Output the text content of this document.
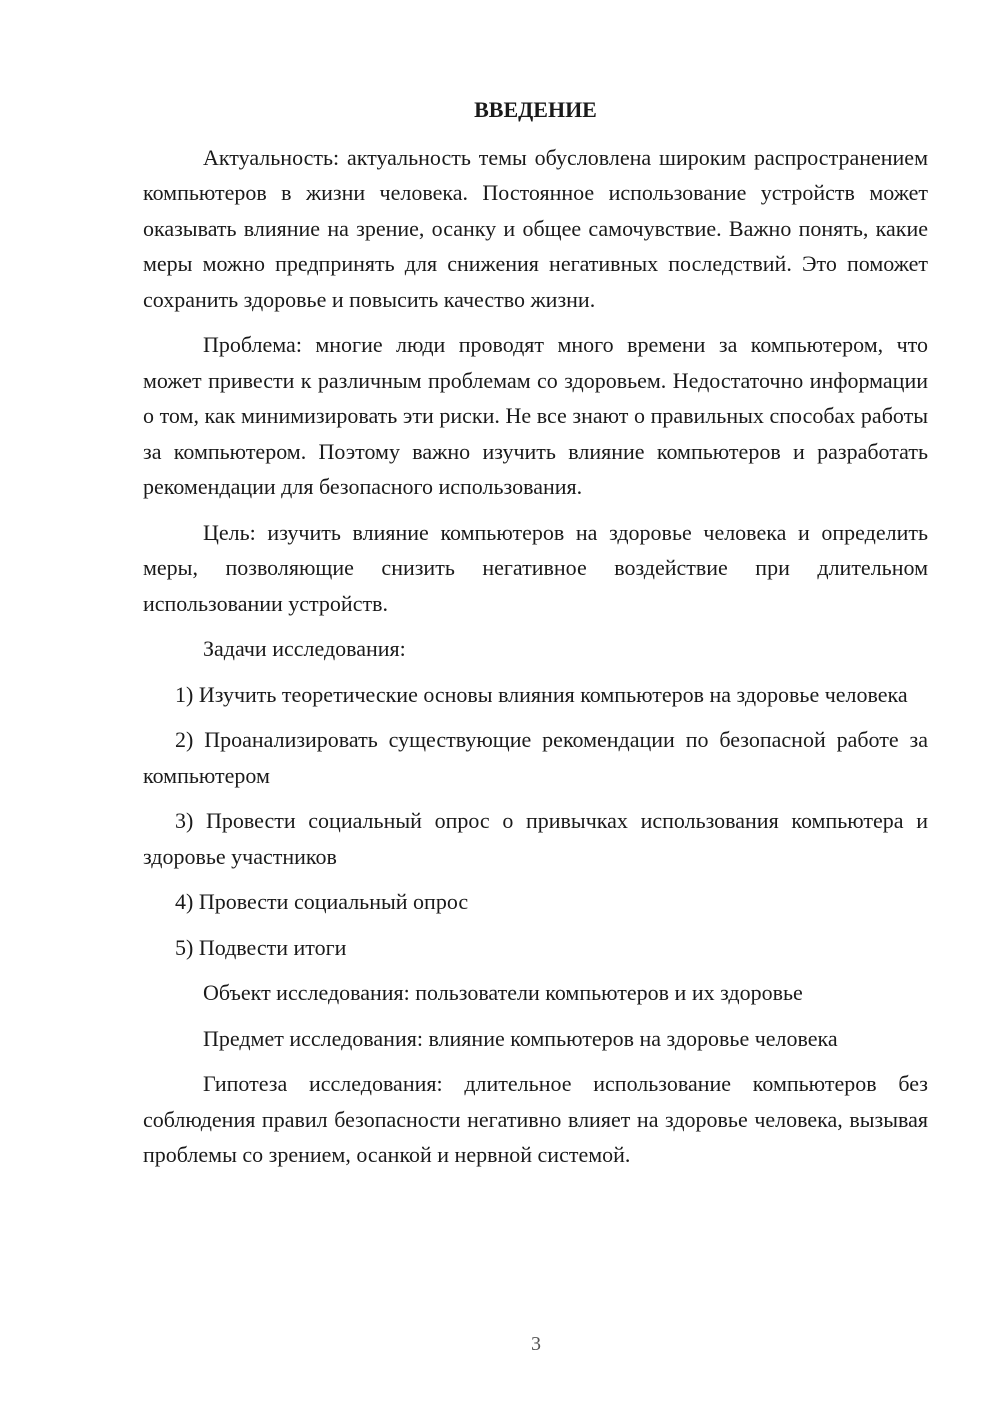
ВВЕДЕНИЕ

Актуальность: актуальность темы обусловлена широким распространением компьютеров в жизни человека. Постоянное использование устройств может оказывать влияние на зрение, осанку и общее самочувствие. Важно понять, какие меры можно предпринять для снижения негативных последствий. Это поможет сохранить здоровье и повысить качество жизни.

Проблема: многие люди проводят много времени за компьютером, что может привести к различным проблемам со здоровьем. Недостаточно информации о том, как минимизировать эти риски. Не все знают о правильных способах работы за компьютером. Поэтому важно изучить влияние компьютеров и разработать рекомендации для безопасного использования.

Цель: изучить влияние компьютеров на здоровье человека и определить меры, позволяющие снизить негативное воздействие при длительном использовании устройств.

Задачи исследования:

1) Изучить теоретические основы влияния компьютеров на здоровье человека

2) Проанализировать существующие рекомендации по безопасной работе за компьютером

3) Провести социальный опрос о привычках использования компьютера и здоровье участников

4) Провести социальный опрос

5) Подвести итоги

Объект исследования: пользователи компьютеров и их здоровье

Предмет исследования: влияние компьютеров на здоровье человека

Гипотеза исследования: длительное использование компьютеров без соблюдения правил безопасности негативно влияет на здоровье человека, вызывая проблемы со зрением, осанкой и нервной системой.

3
